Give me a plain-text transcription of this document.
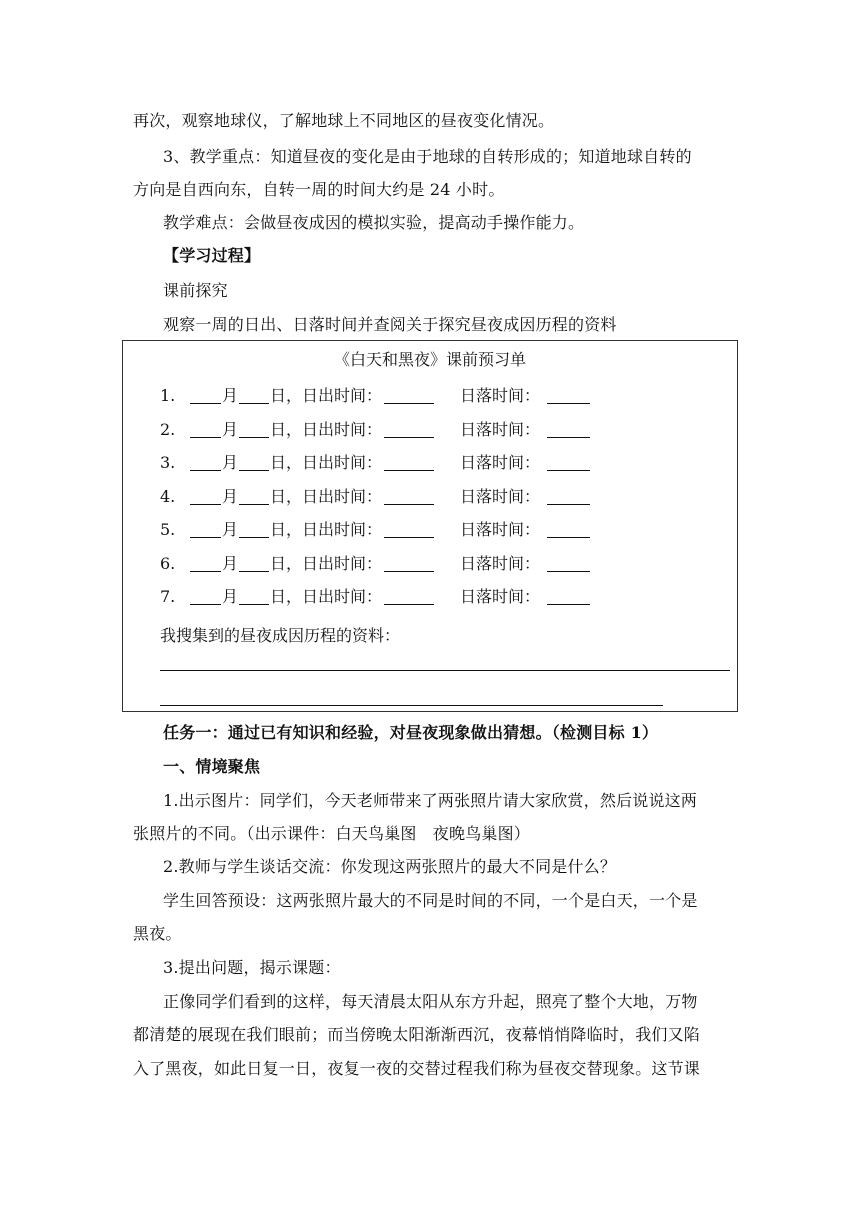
再次，观察地球仪，了解地球上不同地区的昼夜变化情况。
3、教学重点：知道昼夜的变化是由于地球的自转形成的；知道地球自转的
方向是自西向东，自转一周的时间大约是 24 小时。
教学难点：会做昼夜成因的模拟实验，提高动手操作能力。
【学习过程】
课前探究
观察一周的日出、日落时间并查阅关于探究昼夜成因历程的资料
《白天和黑夜》课前预习单
1.	月 日，日出时间：	日落时间：
2.	月 日，日出时间：	日落时间：
3.	月 日，日出时间：	日落时间：
4.	月 日，日出时间：	日落时间：
5.	月 日，日出时间：	日落时间：
6.	月 日，日出时间：	日落时间：
7.	月 日，日出时间：	日落时间：
我搜集到的昼夜成因历程的资料：
任务一：通过已有知识和经验，对昼夜现象做出猜想。（检测目标 1）
一、情境聚焦
1.出示图片：同学们，今天老师带来了两张照片请大家欣赏，然后说说这两
张照片的不同。（出示课件：白天鸟巢图　夜晚鸟巢图）
2.教师与学生谈话交流：你发现这两张照片的最大不同是什么？
学生回答预设：这两张照片最大的不同是时间的不同，一个是白天，一个是
黑夜。
3.提出问题，揭示课题：
正像同学们看到的这样，每天清晨太阳从东方升起，照亮了整个大地，万物
都清楚的展现在我们眼前；而当傍晚太阳渐渐西沉，夜幕悄悄降临时，我们又陷
入了黑夜，如此日复一日，夜复一夜的交替过程我们称为昼夜交替现象。这节课
